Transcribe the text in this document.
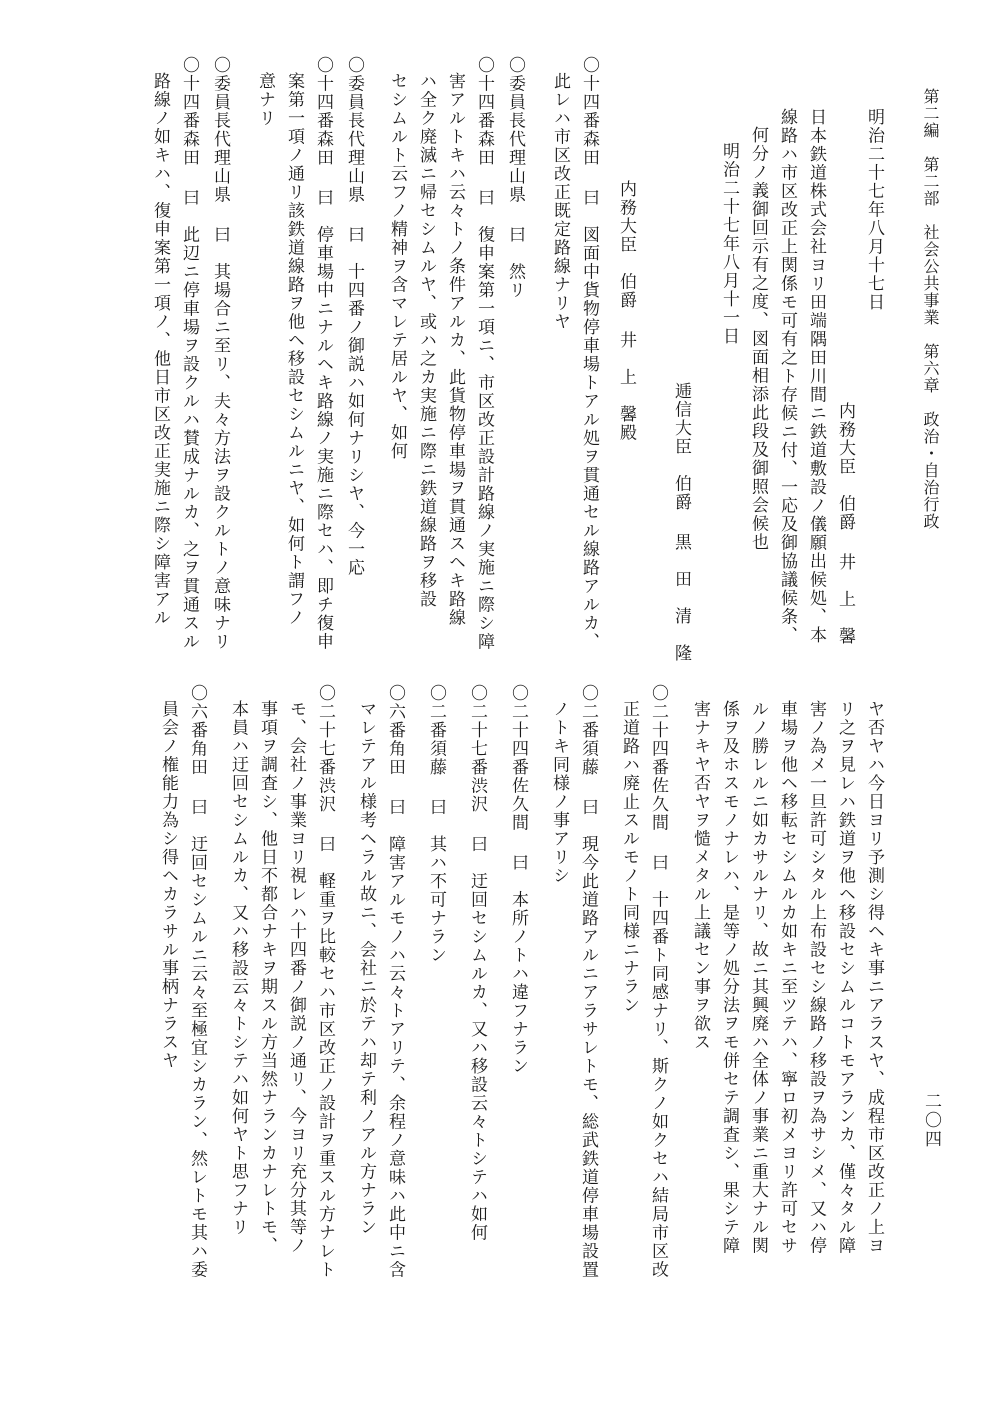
第二編　第二部　社会公共事業　第六章　政治・自治行政

二〇四

明治二十七年八月十七日

内務大臣　伯爵 井　上　馨

日本鉄道株式会社ヨリ田端隅田川間ニ鉄道敷設ノ儀願出候処、本

線路ハ市区改正上関係モ可有之ト存候ニ付、一応及御協議候条、

何分ノ義御回示有之度、図面相添此段及御照会候也

明治二十七年八月十一日

逓信大臣　伯爵 黒　田　清　隆

内務大臣　伯爵 井　上　馨殿

〇十四番森田 曰　図面中貨物停車場トアル処ヲ貫通セル線路アルカ、

此レハ市区改正既定路線ナリヤ

〇委員長代理山県 曰　然リ

〇十四番森田 曰　復申案第一項ニ、市区改正設計路線ノ実施ニ際シ障

害アルトキハ云々トノ条件アルカ、此貨物停車場ヲ貫通スヘキ路線

ハ全ク廃滅ニ帰セシムルヤ、或ハ之カ実施ニ際ニ鉄道線路ヲ移設

セシムルト云フノ精神ヲ含マレテ居ルヤ、如何

〇委員長代理山県 曰　十四番ノ御説ハ如何ナリシヤ、今一応

〇十四番森田 曰　停車場中ニナルヘキ路線ノ実施ニ際セハ、即チ復申

案第一項ノ通リ該鉄道線路ヲ他ヘ移設セシムルニヤ、如何ト謂フノ

意ナリ

〇委員長代理山県 曰　其場合ニ至リ、夫々方法ヲ設クルトノ意味ナリ

〇十四番森田 曰　此辺ニ停車場ヲ設クルハ賛成ナルカ、之ヲ貫通スル

路線ノ如キハ、復申案第一項ノ、他日市区改正実施ニ際シ障害アル

ヤ否ヤハ今日ヨリ予測シ得ヘキ事ニアラスヤ、成程市区改正ノ上ヨ

リ之ヲ見レハ鉄道ヲ他ヘ移設セシムルコトモアランカ、僅々タル障

害ノ為メ一旦許可シタル上布設セシ線路ノ移設ヲ為サシメ、又ハ停

車場ヲ他ヘ移転セシムルカ如キニ至ツテハ、寧ロ初メヨリ許可セサ

ルノ勝レルニ如カサルナリ、故ニ其興廃ハ全体ノ事業ニ重大ナル関

係ヲ及ホスモノナレハ、是等ノ処分法ヲモ併セテ調査シ、果シテ障

害ナキヤ否ヤヲ慥メタル上議セン事ヲ欲ス

〇二十四番佐久間 曰　十四番ト同感ナリ、斯クノ如クセハ結局市区改

正道路ハ廃止スルモノト同様ニナラン

〇二番須藤 曰　現今此道路アルニアラサレトモ、総武鉄道停車場設置

ノトキ同様ノ事アリシ

〇二十四番佐久間 曰　本所ノトハ違フナラン

〇二十七番渋沢 曰　迂回セシムルカ、又ハ移設云々トシテハ如何

〇二番須藤 曰　其ハ不可ナラン

〇六番角田 曰　障害アルモノハ云々トアリテ、余程ノ意味ハ此中ニ含

マレテアル様考ヘラル故ニ、会社ニ於テハ却テ利ノアル方ナラン

〇二十七番渋沢 曰　軽重ヲ比較セハ市区改正ノ設計ヲ重スル方ナレト

モ、会社ノ事業ヨリ視レハ十四番ノ御説ノ通リ、今ヨリ充分其等ノ

事項ヲ調査シ、他日不都合ナキヲ期スル方当然ナランカナレトモ、

本員ハ迂回セシムルカ、又ハ移設云々トシテハ如何ヤト思フナリ

〇六番角田 曰　迂回セシムルニ云々至極宜シカラン、然レトモ其ハ委

員会ノ権能力為シ得ヘカラサル事柄ナラスヤ
